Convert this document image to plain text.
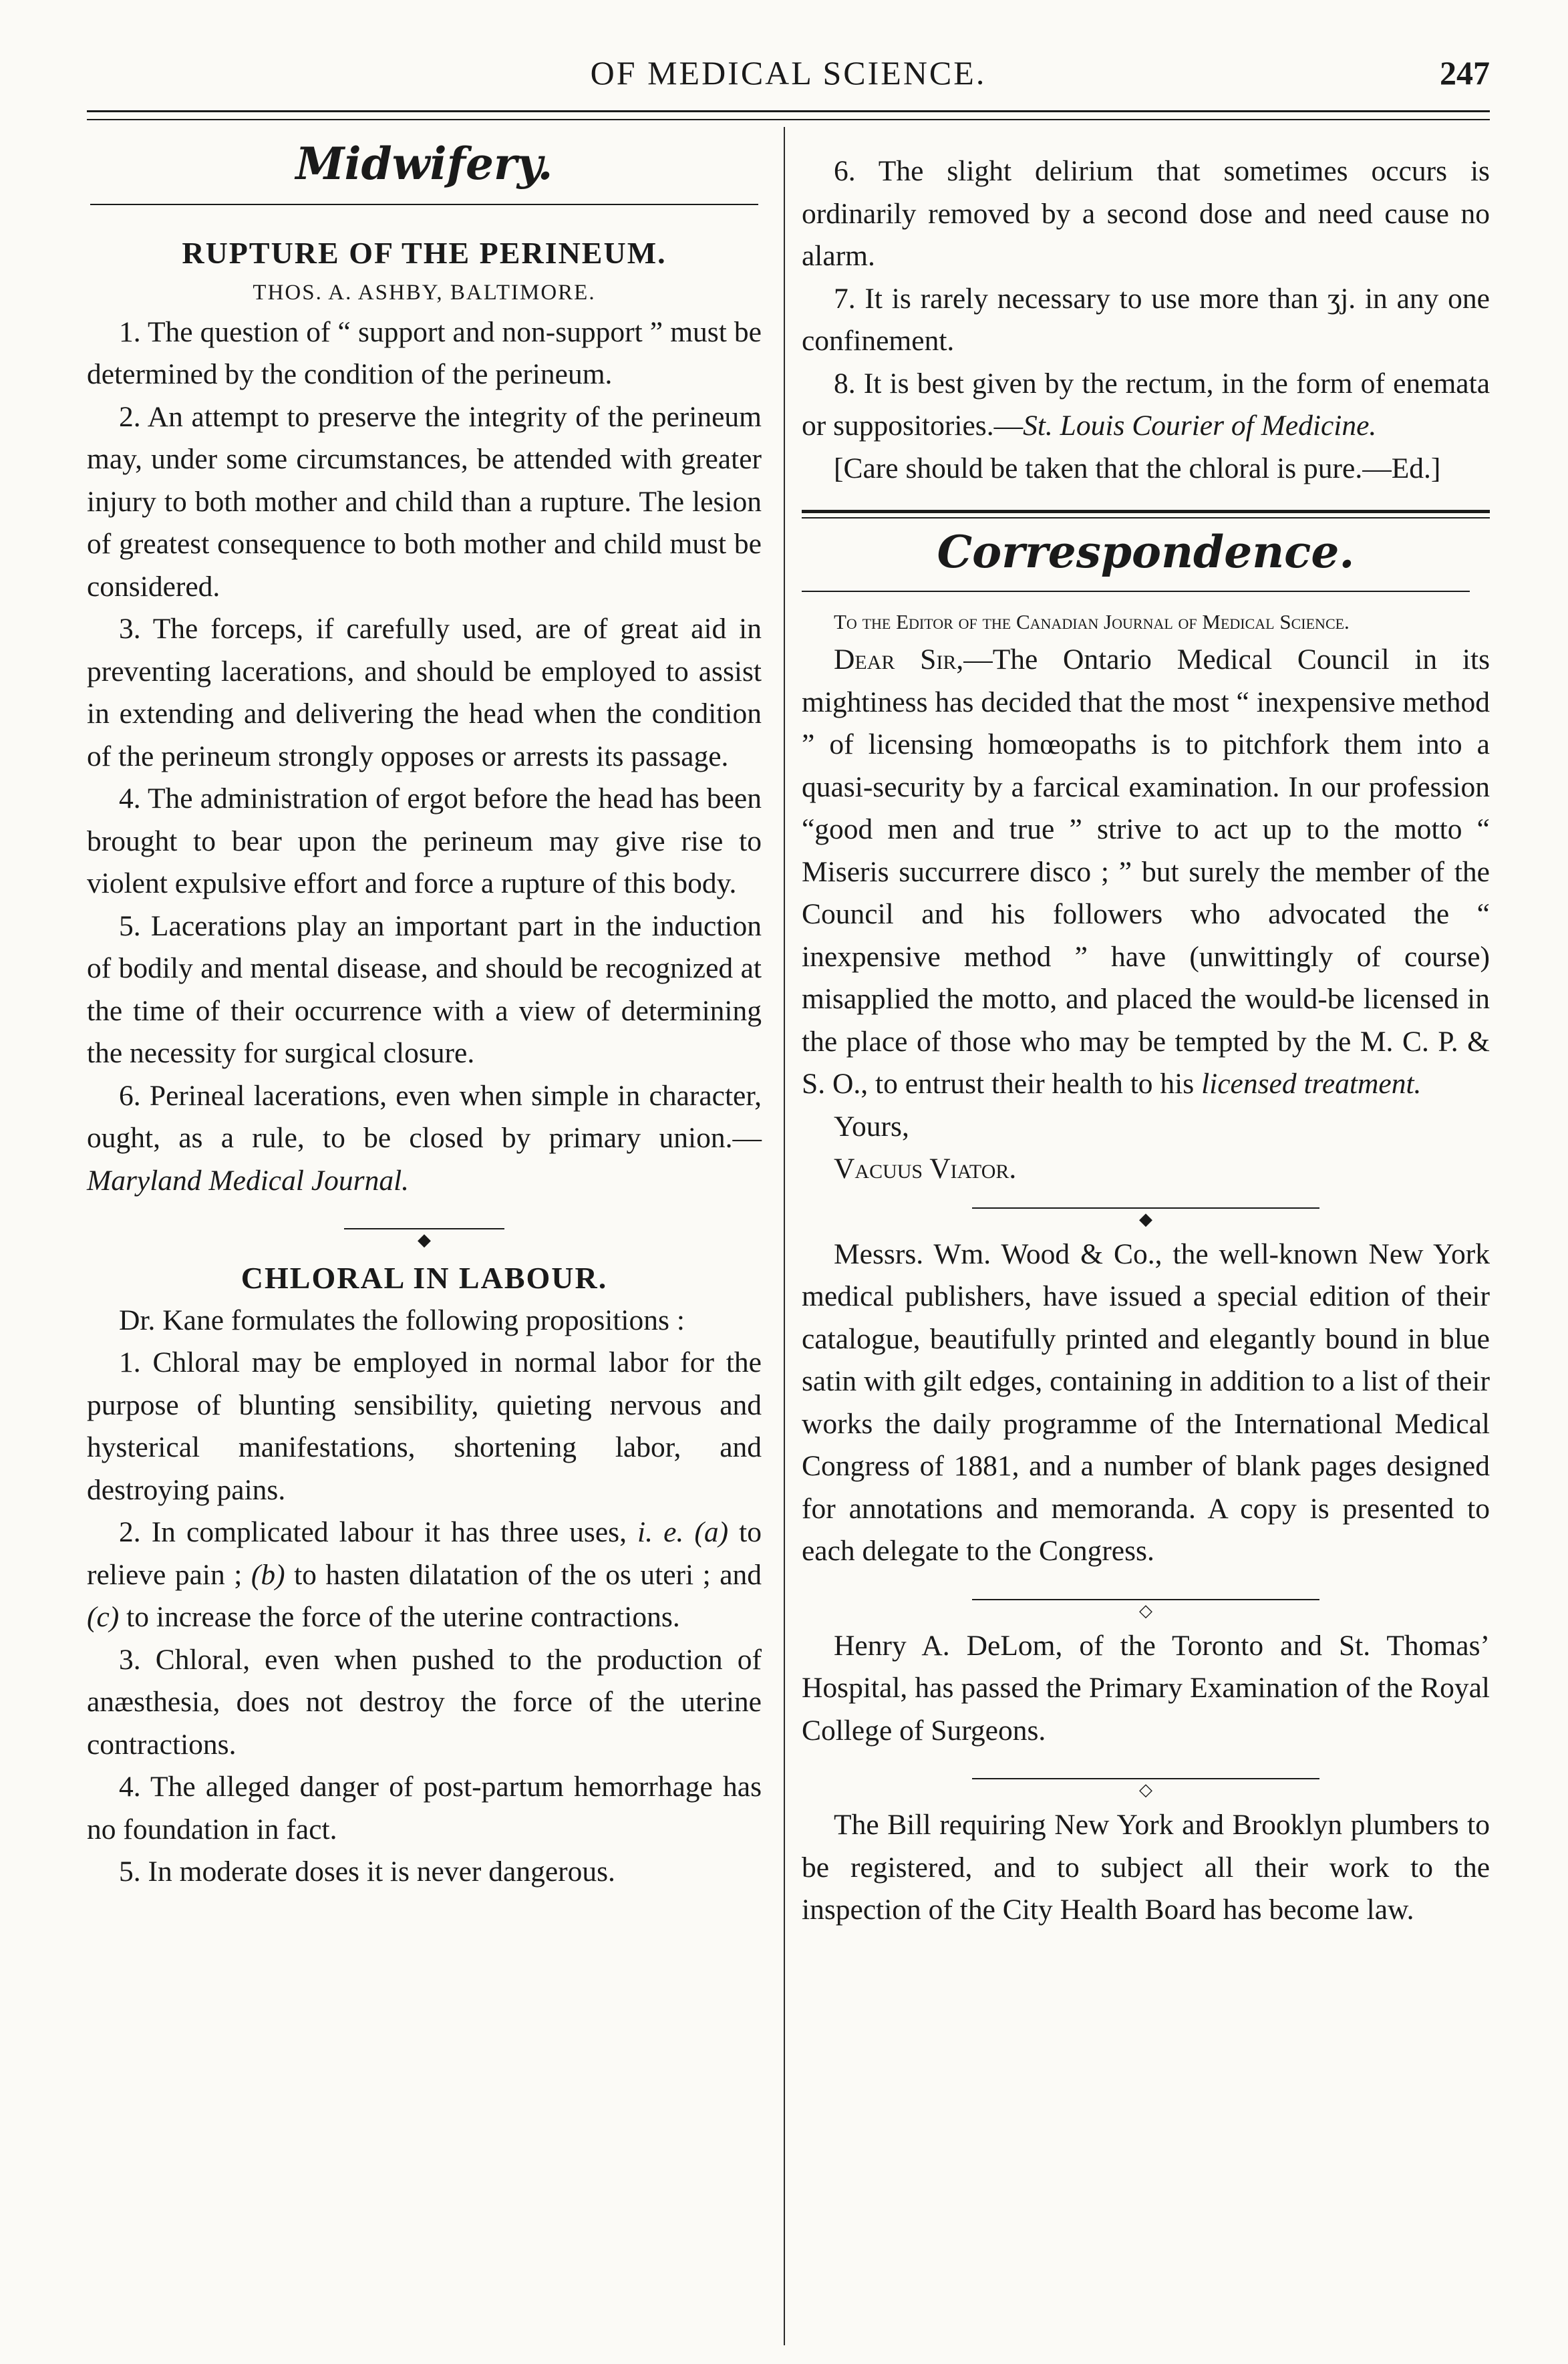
OF MEDICAL SCIENCE.	247
Midwifery.
RUPTURE OF THE PERINEUM.
THOS. A. ASHBY, BALTIMORE.

1. The question of “ support and non-support ” must be determined by the condition of the perineum.

2. An attempt to preserve the integrity of the perineum may, under some circumstances, be attended with greater injury to both mother and child than a rupture. The lesion of greatest consequence to both mother and child must be considered.

3. The forceps, if carefully used, are of great aid in preventing lacerations, and should be employed to assist in extending and delivering the head when the condition of the perineum strongly opposes or arrests its passage.

4. The administration of ergot before the head has been brought to bear upon the perineum may give rise to violent expulsive effort and force a rupture of this body.

5. Lacerations play an important part in the induction of bodily and mental disease, and should be recognized at the time of their occurrence with a view of determining the necessity for surgical closure.

6. Perineal lacerations, even when simple in character, ought, as a rule, to be closed by primary union.—Maryland Medical Journal.

◆
CHLORAL IN LABOUR.

Dr. Kane formulates the following propositions :

1. Chloral may be employed in normal labor for the purpose of blunting sensibility, quieting nervous and hysterical manifestations, shortening labor, and destroying pains.

2. In complicated labour it has three uses, i. e. (a) to relieve pain ; (b) to hasten dilatation of the os uteri ; and (c) to increase the force of the uterine contractions.

3. Chloral, even when pushed to the production of anæsthesia, does not destroy the force of the uterine contractions.

4. The alleged danger of post-partum hemorrhage has no foundation in fact.

5. In moderate doses it is never dangerous.

6. The slight delirium that sometimes occurs is ordinarily removed by a second dose and need cause no alarm.

7. It is rarely necessary to use more than ʒj. in any one confinement.

8. It is best given by the rectum, in the form of enemata or suppositories.—St. Louis Courier of Medicine.

[Care should be taken that the chloral is pure.—Ed.]

Correspondence.

To the Editor of the Canadian Journal of Medical Science.

Dear Sir,—The Ontario Medical Council in its mightiness has decided that the most “ inexpensive method ” of licensing homœopaths is to pitchfork them into a quasi-security by a farcical examination. In our profession “good men and true ” strive to act up to the motto “ Miseris succurrere disco ; ” but surely the member of the Council and his followers who advocated the “ inexpensive method ” have (unwittingly of course) misapplied the motto, and placed the would-be licensed in the place of those who may be tempted by the M. C. P. & S. O., to entrust their health to his licensed treatment.

Yours,

Vacuus Viator.

◆

Messrs. Wm. Wood & Co., the well-known New York medical publishers, have issued a special edition of their catalogue, beautifully printed and elegantly bound in blue satin with gilt edges, containing in addition to a list of their works the daily programme of the International Medical Congress of 1881, and a number of blank pages designed for annotations and memoranda. A copy is presented to each delegate to the Congress.

◇

Henry A. DeLom, of the Toronto and St. Thomas’ Hospital, has passed the Primary Examination of the Royal College of Surgeons.

◇

The Bill requiring New York and Brooklyn plumbers to be registered, and to subject all their work to the inspection of the City Health Board has become law.
